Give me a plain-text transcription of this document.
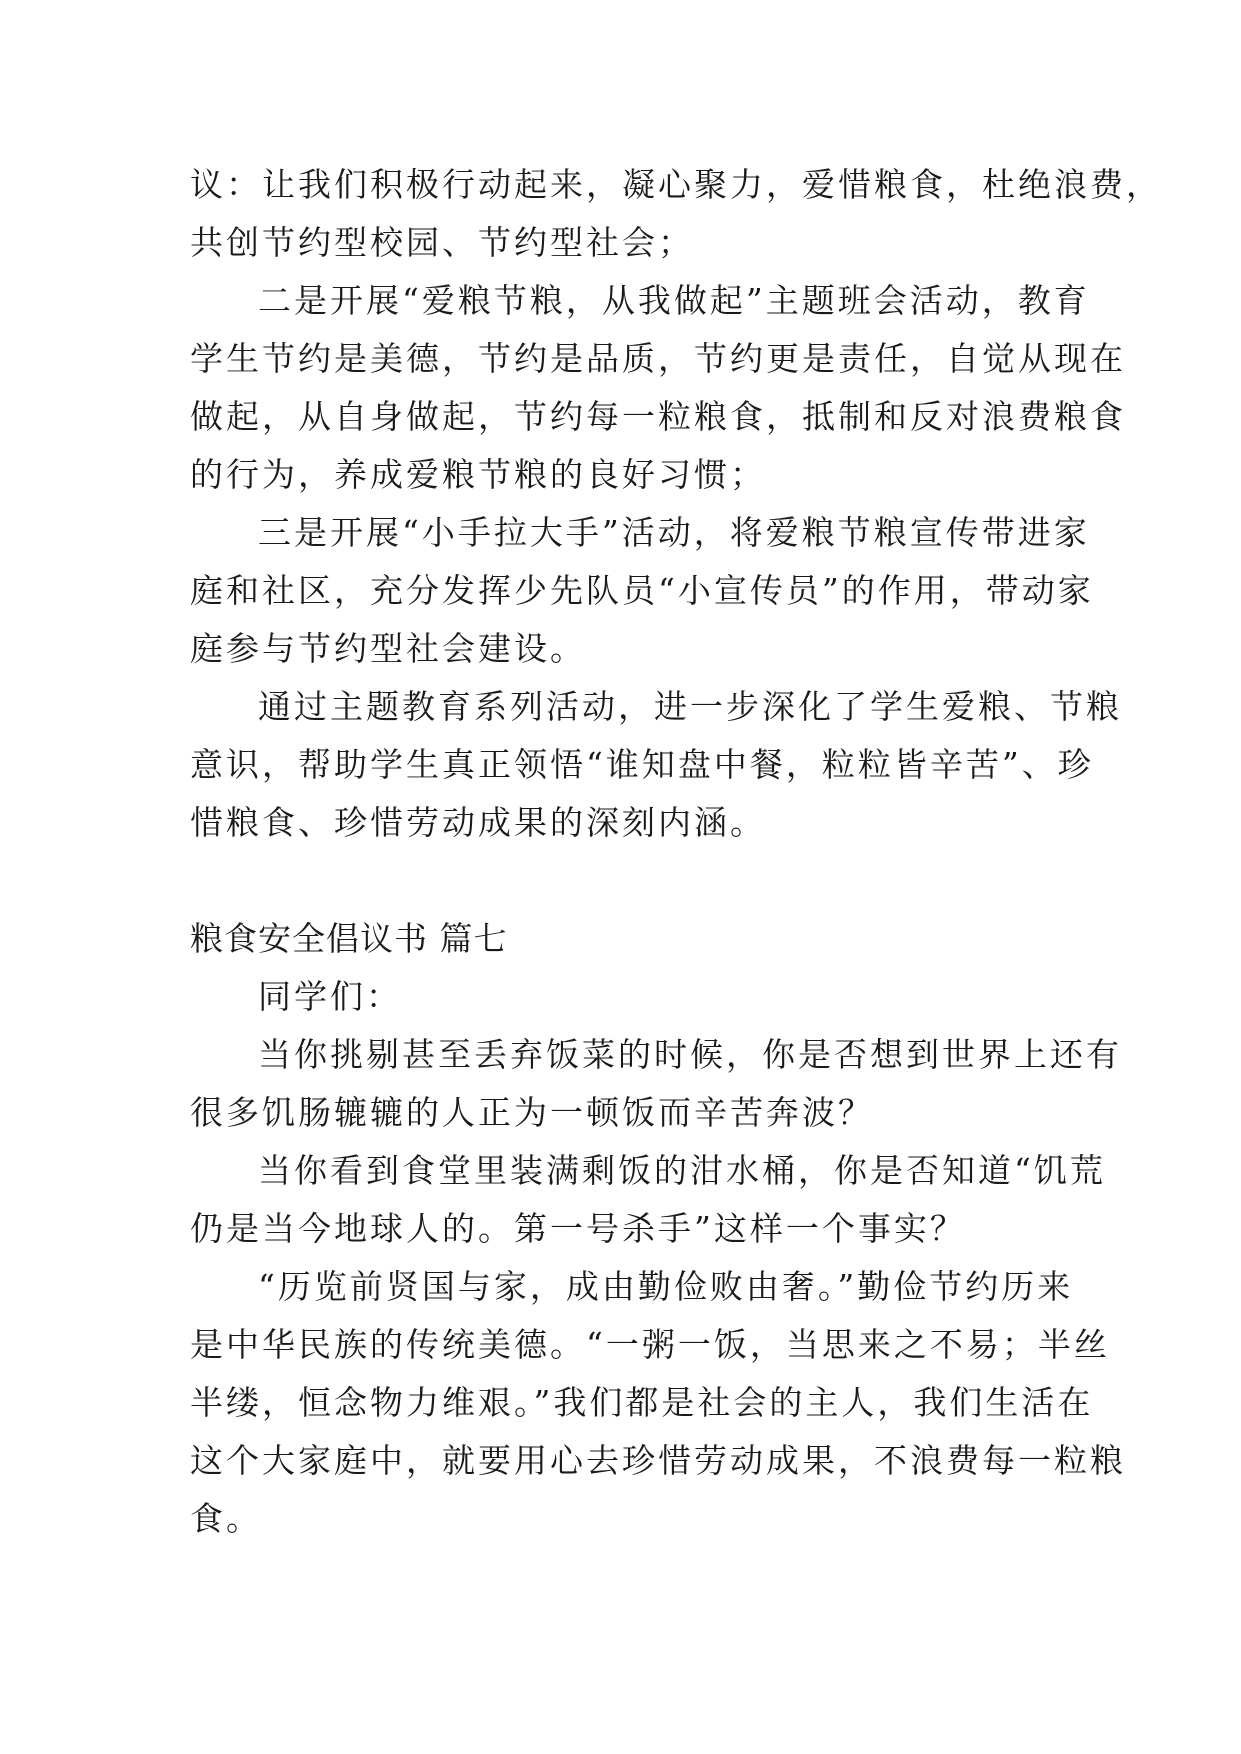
议：让我们积极行动起来，凝心聚力，爱惜粮食，杜绝浪费，
共创节约型校园、节约型社会；
二是开展“爱粮节粮，从我做起”主题班会活动，教育
学生节约是美德，节约是品质，节约更是责任，自觉从现在
做起，从自身做起，节约每一粒粮食，抵制和反对浪费粮食
的行为，养成爱粮节粮的良好习惯；
三是开展“小手拉大手”活动，将爱粮节粮宣传带进家
庭和社区，充分发挥少先队员“小宣传员”的作用，带动家
庭参与节约型社会建设。
通过主题教育系列活动，进一步深化了学生爱粮、节粮
意识，帮助学生真正领悟“谁知盘中餐，粒粒皆辛苦”、珍
惜粮食、珍惜劳动成果的深刻内涵。
粮食安全倡议书 篇七
同学们：
当你挑剔甚至丢弃饭菜的时候，你是否想到世界上还有
很多饥肠辘辘的人正为一顿饭而辛苦奔波？
当你看到食堂里装满剩饭的泔水桶，你是否知道“饥荒
仍是当今地球人的。第一号杀手”这样一个事实？
“历览前贤国与家，成由勤俭败由奢。”勤俭节约历来
是中华民族的传统美德。“一粥一饭，当思来之不易；半丝
半缕，恒念物力维艰。”我们都是社会的主人，我们生活在
这个大家庭中，就要用心去珍惜劳动成果，不浪费每一粒粮
食。
